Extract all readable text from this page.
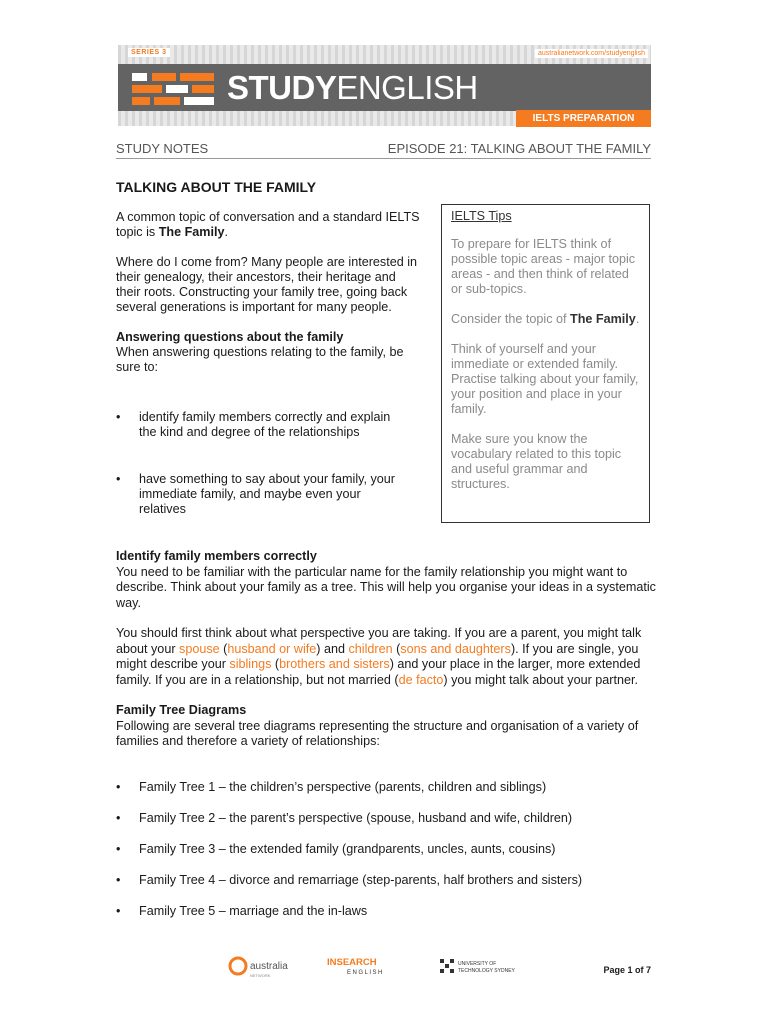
SERIES 3	australianetwork.com/studyenglish
STUDYENGLISH
IELTS PREPARATION
STUDY NOTES	EPISODE 21: TALKING ABOUT THE FAMILY
TALKING ABOUT THE FAMILY

A common topic of conversation and a standard IELTS topic is The Family.

Where do I come from? Many people are interested in their genealogy, their ancestors, their heritage and their roots. Constructing your family tree, going back several generations is important for many people.

Answering questions about the family

When answering questions relating to the family, be sure to:

• identify family members correctly and explain the kind and degree of the relationships

• have something to say about your family, your immediate family, and maybe even your relatives

IELTS Tips

To prepare for IELTS think of possible topic areas - major topic areas - and then think of related or sub-topics.

Consider the topic of The Family.

Think of yourself and your immediate or extended family. Practise talking about your family, your position and place in your family.

Make sure you know the vocabulary related to this topic and useful grammar and structures.

Identify family members correctly

You need to be familiar with the particular name for the family relationship you might want to describe. Think about your family as a tree. This will help you organise your ideas in a systematic way.

You should first think about what perspective you are taking. If you are a parent, you might talk about your spouse (husband or wife) and children (sons and daughters). If you are single, you might describe your siblings (brothers and sisters) and your place in the larger, more extended family. If you are in a relationship, but not married (de facto) you might talk about your partner.

Family Tree Diagrams

Following are several tree diagrams representing the structure and organisation of a variety of families and therefore a variety of relationships:

• Family Tree 1 – the children’s perspective (parents, children and siblings)
• Family Tree 2 – the parent’s perspective (spouse, husband and wife, children)
• Family Tree 3 – the extended family (grandparents, uncles, aunts, cousins)
• Family Tree 4 – divorce and remarriage (step-parents, half brothers and sisters)
• Family Tree 5 – marriage and the in-laws
australia
NETWORK
INSEARCH
ENGLISH
UNIVERSITY OF
TECHNOLOGY SYDNEY	Page 1 of 7
